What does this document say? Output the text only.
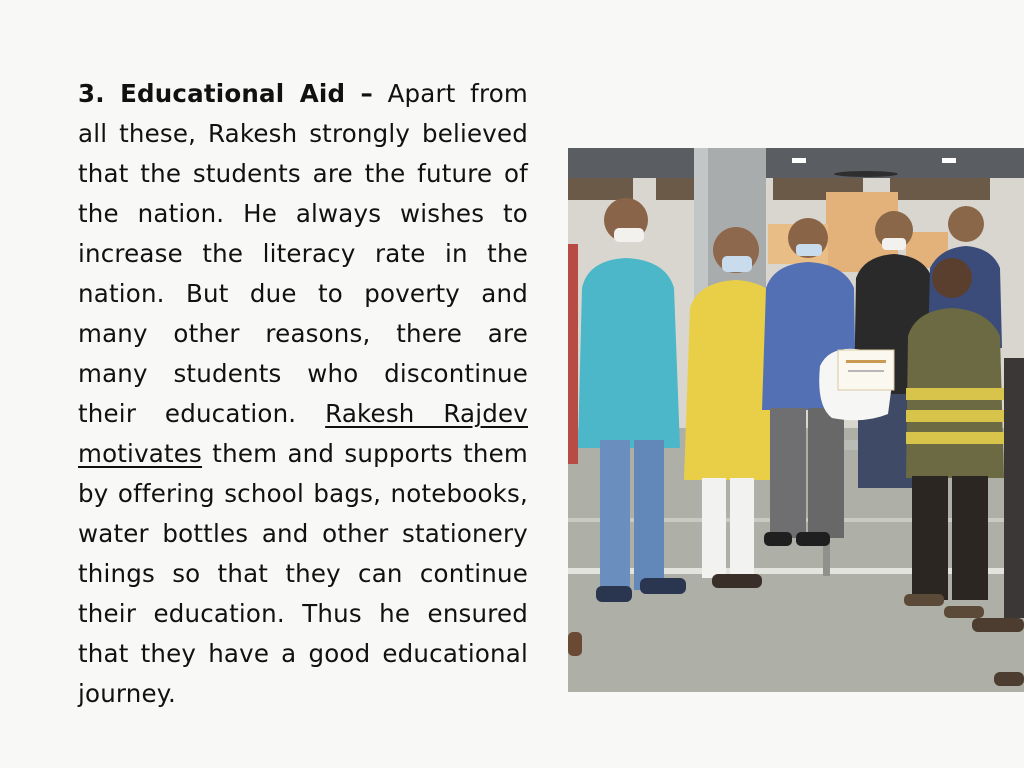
3. Educational Aid – Apart from all these, Rakesh strongly believed that the students are the future of the nation. He always wishes to increase the literacy rate in the nation. But due to poverty and many other reasons, there are many students who discontinue their education. Rakesh Rajdev motivates them and supports them by offering school bags, notebooks, water bottles and other stationery things so that they can continue their education. Thus he ensured that they have a good educational journey.
